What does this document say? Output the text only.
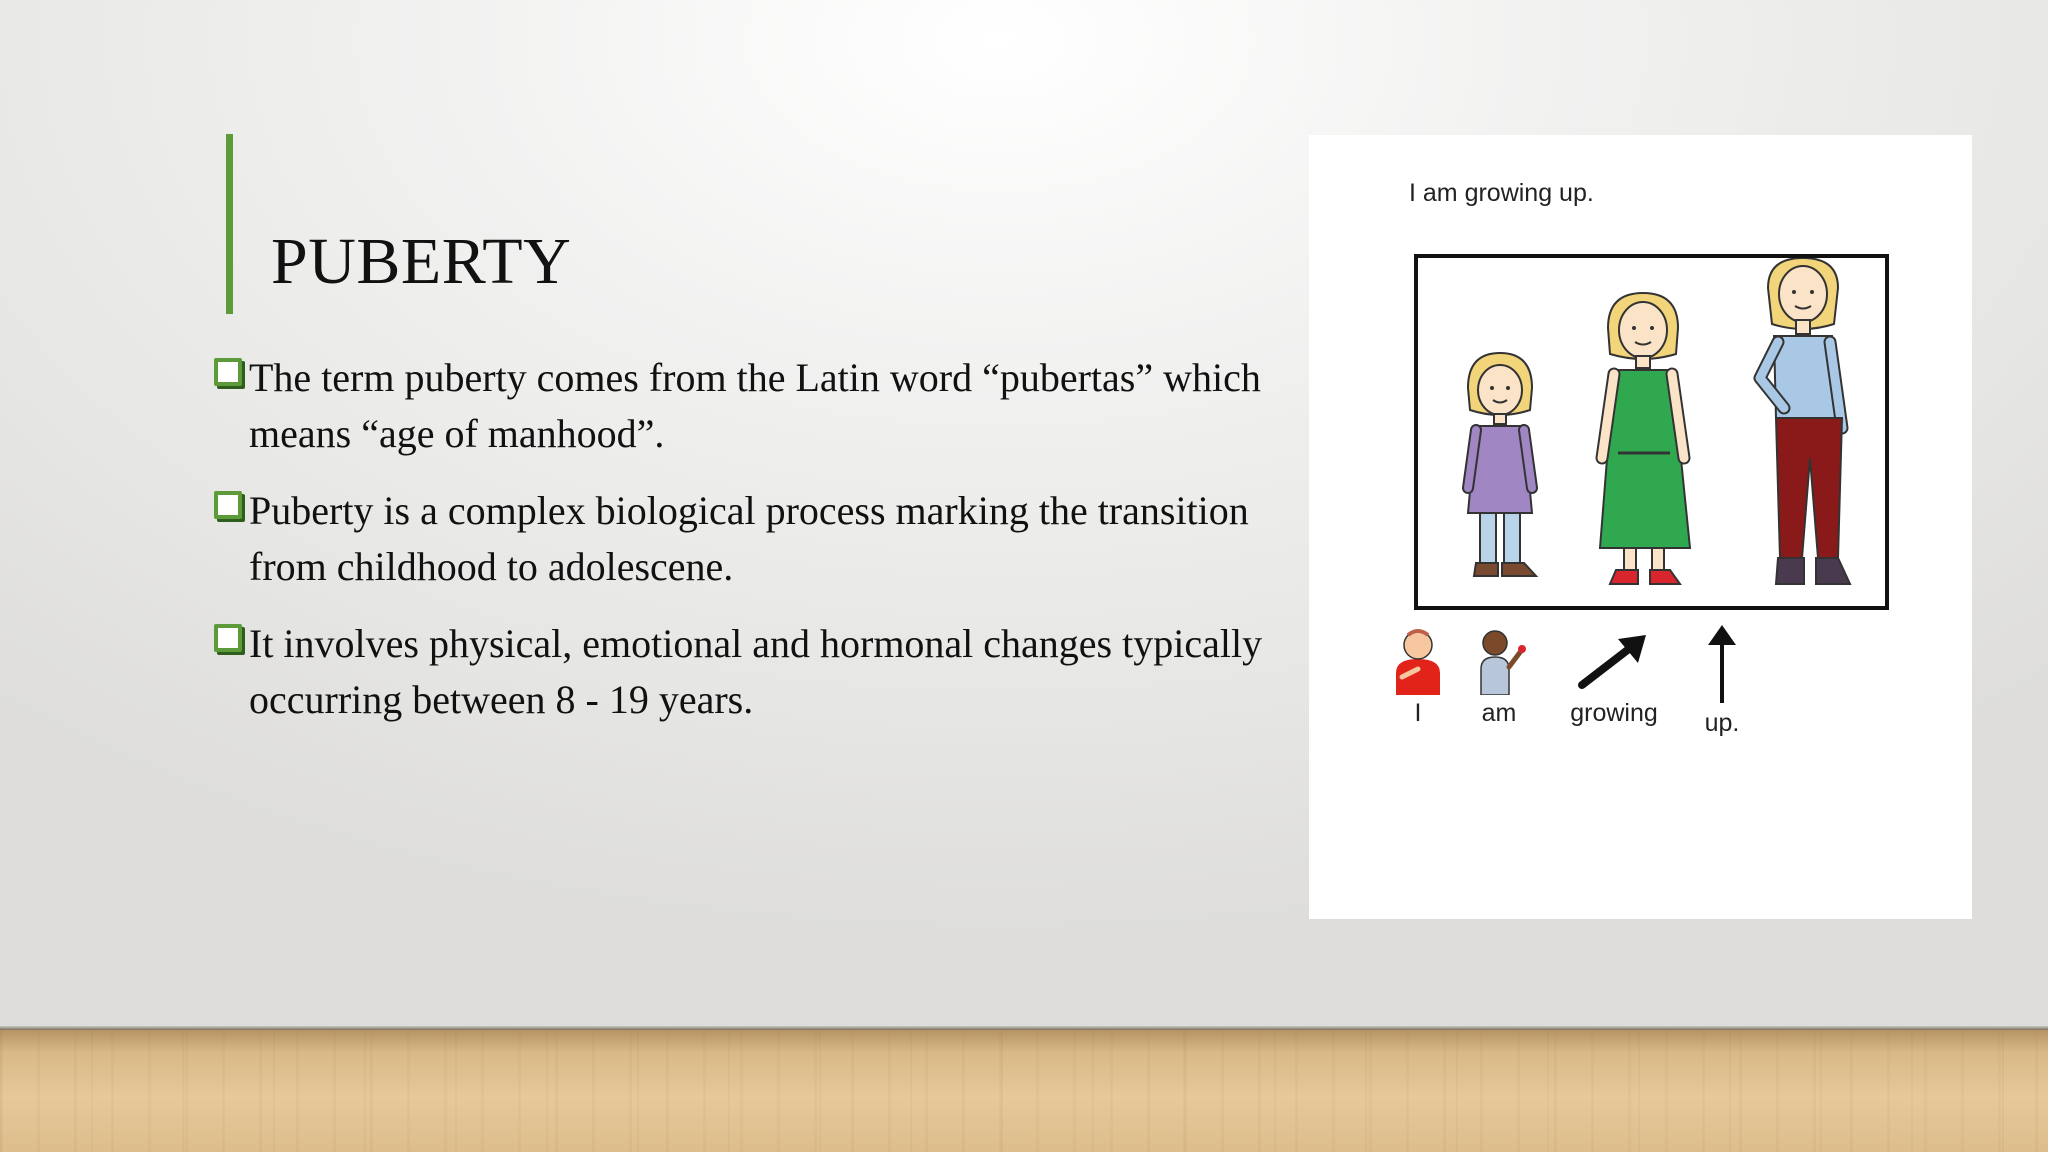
PUBERTY
The term puberty comes from the Latin word “pubertas” which means “age of manhood”.
Puberty is a complex biological process marking the transition from childhood to adolescene.
It involves physical, emotional and hormonal changes typically occurring between 8 - 19 years.
I am growing up.
I	am	growing	up.
